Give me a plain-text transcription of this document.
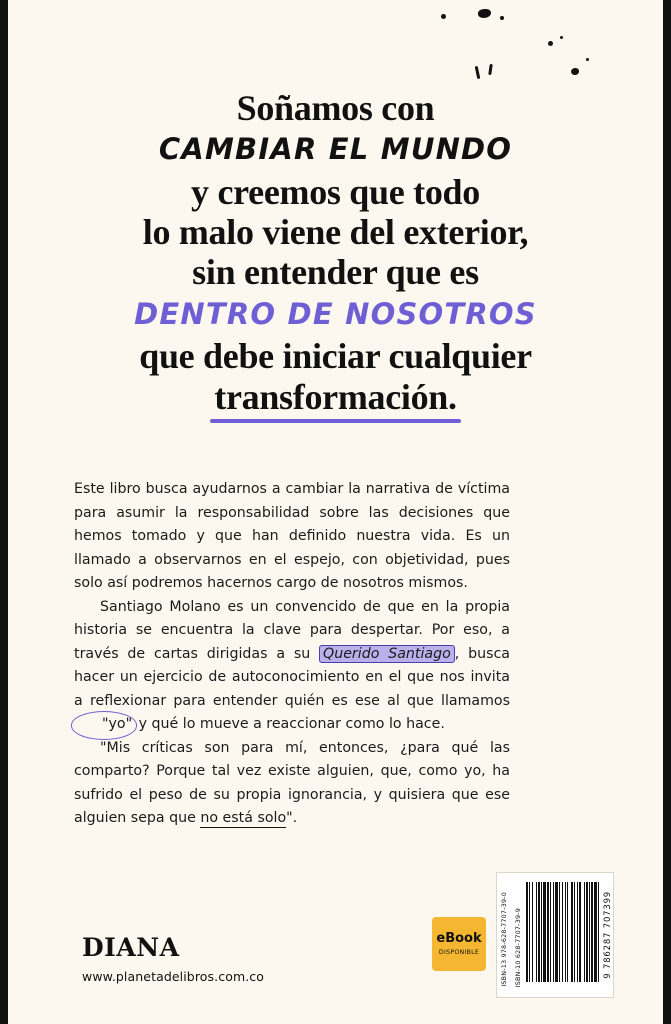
Soñamos con
CAMBIAR EL MUNDO
y creemos que todo
lo malo viene del exterior,
sin entender que es
DENTRO DE NOSOTROS
que debe iniciar cualquier
transformación.

Este libro busca ayudarnos a cambiar la narrativa de víctima para asumir la responsabilidad sobre las decisiones que hemos tomado y que han definido nuestra vida. Es un llamado a observarnos en el espejo, con objetividad, pues solo así podremos hacernos cargo de nosotros mismos.

Santiago Molano es un convencido de que en la propia historia se encuentra la clave para despertar. Por eso, a través de cartas dirigidas a su Querido Santiago , busca hacer un ejercicio de autoconocimiento en el que nos invita a reflexionar para entender quién es ese al que llamamos "yo" y qué lo mueve a reaccionar como lo hace.

"Mis críticas son para mí, entonces, ¿para qué las comparto? Porque tal vez existe alguien, que, como yo, ha sufrido el peso de su propia ignorancia, y quisiera que ese alguien sepa que no está solo".

DIANA
www.planetadelibros.com.co
eBook
DISPONIBLE	ISBN-13 978-628-7707-39-0 ISBN-10 628-7707-39-9	9 786287 707399
